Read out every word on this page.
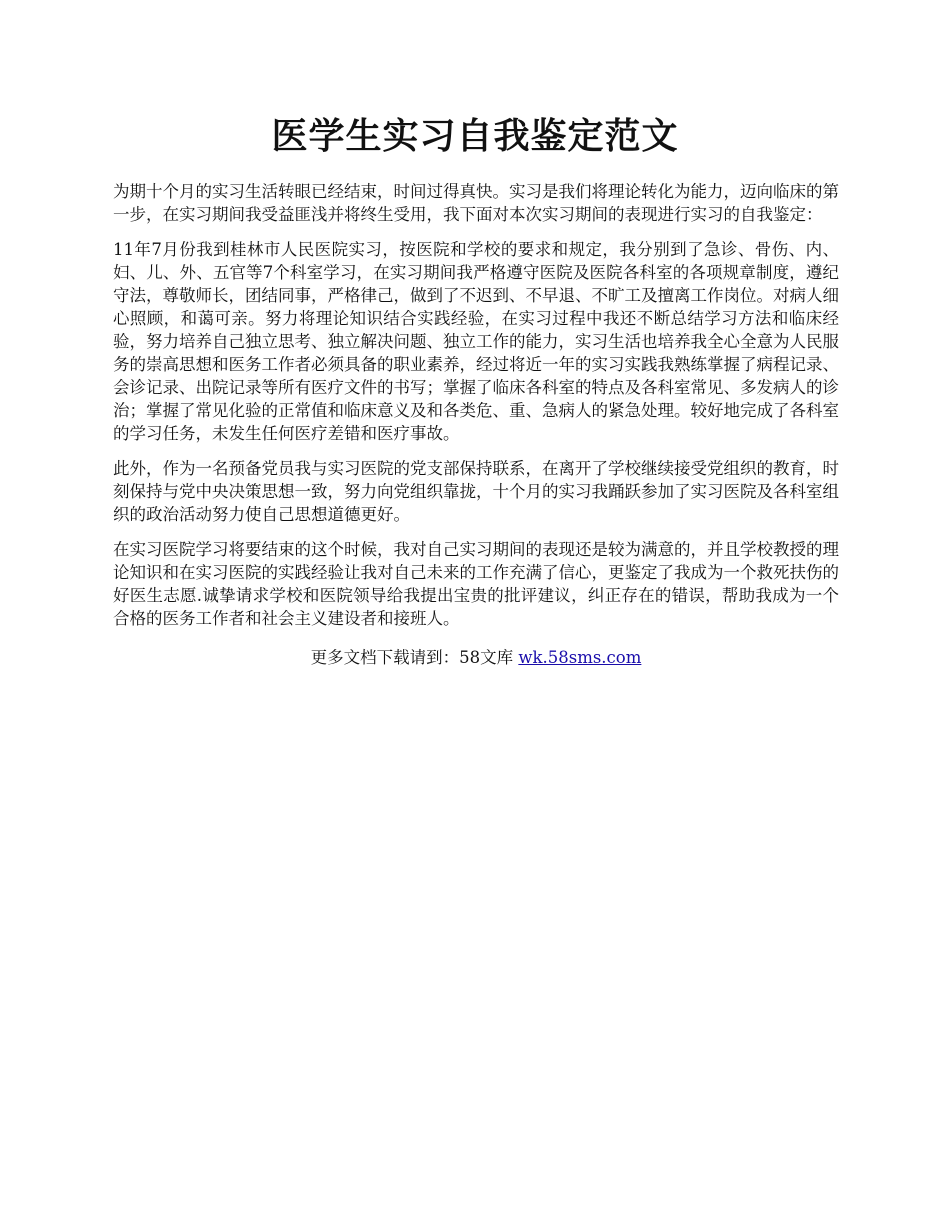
医学生实习自我鉴定范文

为期十个月的实习生活转眼已经结束，时间过得真快。实习是我们将理论转化为能力，迈向临床的第一步，在实习期间我受益匪浅并将终生受用，我下面对本次实习期间的表现进行实习的自我鉴定：

11年7月份我到桂林市人民医院实习，按医院和学校的要求和规定，我分别到了急诊、骨伤、内、妇、儿、外、五官等7个科室学习，在实习期间我严格遵守医院及医院各科室的各项规章制度，遵纪守法，尊敬师长，团结同事，严格律己，做到了不迟到、不早退、不旷工及擅离工作岗位。对病人细心照顾，和蔼可亲。努力将理论知识结合实践经验，在实习过程中我还不断总结学习方法和临床经验，努力培养自己独立思考、独立解决问题、独立工作的能力，实习生活也培养我全心全意为人民服务的崇高思想和医务工作者必须具备的职业素养，经过将近一年的实习实践我熟练掌握了病程记录、会诊记录、出院记录等所有医疗文件的书写；掌握了临床各科室的特点及各科室常见、多发病人的诊治；掌握了常见化验的正常值和临床意义及和各类危、重、急病人的紧急处理。较好地完成了各科室的学习任务，未发生任何医疗差错和医疗事故。

此外，作为一名预备党员我与实习医院的党支部保持联系，在离开了学校继续接受党组织的教育，时刻保持与党中央决策思想一致，努力向党组织靠拢，十个月的实习我踊跃参加了实习医院及各科室组织的政治活动努力使自己思想道德更好。

在实习医院学习将要结束的这个时候，我对自己实习期间的表现还是较为满意的，并且学校教授的理论知识和在实习医院的实践经验让我对自己未来的工作充满了信心，更鉴定了我成为一个救死扶伤的好医生志愿.诚挚请求学校和医院领导给我提出宝贵的批评建议，纠正存在的错误，帮助我成为一个合格的医务工作者和社会主义建设者和接班人。

更多文档下载请到：58文库 wk.58sms.com
